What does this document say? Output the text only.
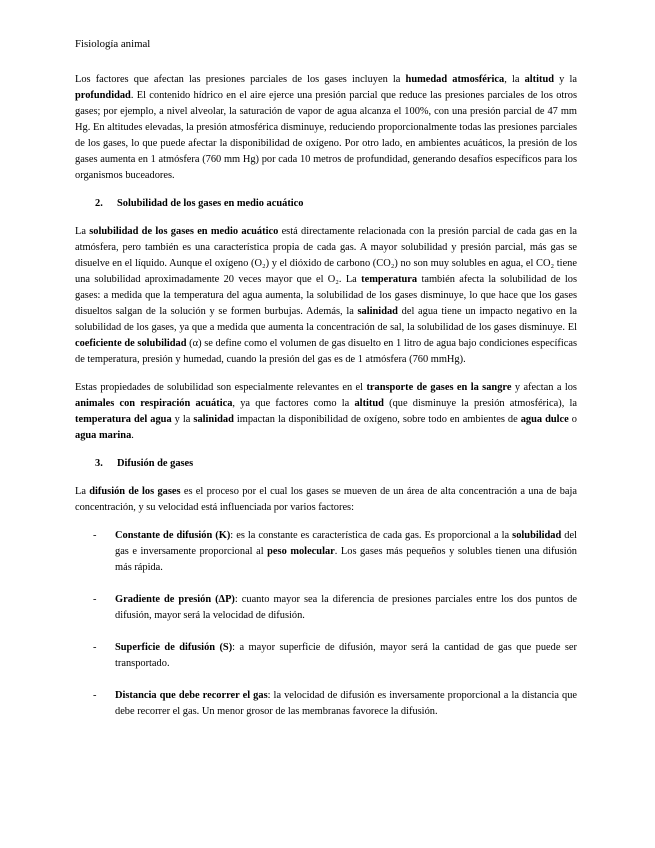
Fisiología animal

Los factores que afectan las presiones parciales de los gases incluyen la humedad atmosférica, la altitud y la profundidad. El contenido hídrico en el aire ejerce una presión parcial que reduce las presiones parciales de los otros gases; por ejemplo, a nivel alveolar, la saturación de vapor de agua alcanza el 100%, con una presión parcial de 47 mm Hg. En altitudes elevadas, la presión atmosférica disminuye, reduciendo proporcionalmente todas las presiones parciales de los gases, lo que puede afectar la disponibilidad de oxígeno. Por otro lado, en ambientes acuáticos, la presión de los gases aumenta en 1 atmósfera (760 mm Hg) por cada 10 metros de profundidad, generando desafíos específicos para los organismos buceadores.

2. Solubilidad de los gases en medio acuático

La solubilidad de los gases en medio acuático está directamente relacionada con la presión parcial de cada gas en la atmósfera, pero también es una característica propia de cada gas. A mayor solubilidad y presión parcial, más gas se disuelve en el líquido. Aunque el oxígeno (O₂) y el dióxido de carbono (CO₂) no son muy solubles en agua, el CO₂ tiene una solubilidad aproximadamente 20 veces mayor que el O₂. La temperatura también afecta la solubilidad de los gases: a medida que la temperatura del agua aumenta, la solubilidad de los gases disminuye, lo que hace que los gases disueltos salgan de la solución y se formen burbujas. Además, la salinidad del agua tiene un impacto negativo en la solubilidad de los gases, ya que a medida que aumenta la concentración de sal, la solubilidad de los gases disminuye. El coeficiente de solubilidad (α) se define como el volumen de gas disuelto en 1 litro de agua bajo condiciones específicas de temperatura, presión y humedad, cuando la presión del gas es de 1 atmósfera (760 mmHg).

Estas propiedades de solubilidad son especialmente relevantes en el transporte de gases en la sangre y afectan a los animales con respiración acuática, ya que factores como la altitud (que disminuye la presión atmosférica), la temperatura del agua y la salinidad impactan la disponibilidad de oxígeno, sobre todo en ambientes de agua dulce o agua marina.

3. Difusión de gases

La difusión de los gases es el proceso por el cual los gases se mueven de un área de alta concentración a una de baja concentración, y su velocidad está influenciada por varios factores:

- Constante de difusión (K): es la constante es característica de cada gas. Es proporcional a la solubilidad del gas e inversamente proporcional al peso molecular. Los gases más pequeños y solubles tienen una difusión más rápida.
- Gradiente de presión (ΔP): cuanto mayor sea la diferencia de presiones parciales entre los dos puntos de difusión, mayor será la velocidad de difusión.
- Superficie de difusión (S): a mayor superficie de difusión, mayor será la cantidad de gas que puede ser transportado.
- Distancia que debe recorrer el gas: la velocidad de difusión es inversamente proporcional a la distancia que debe recorrer el gas. Un menor grosor de las membranas favorece la difusión.
